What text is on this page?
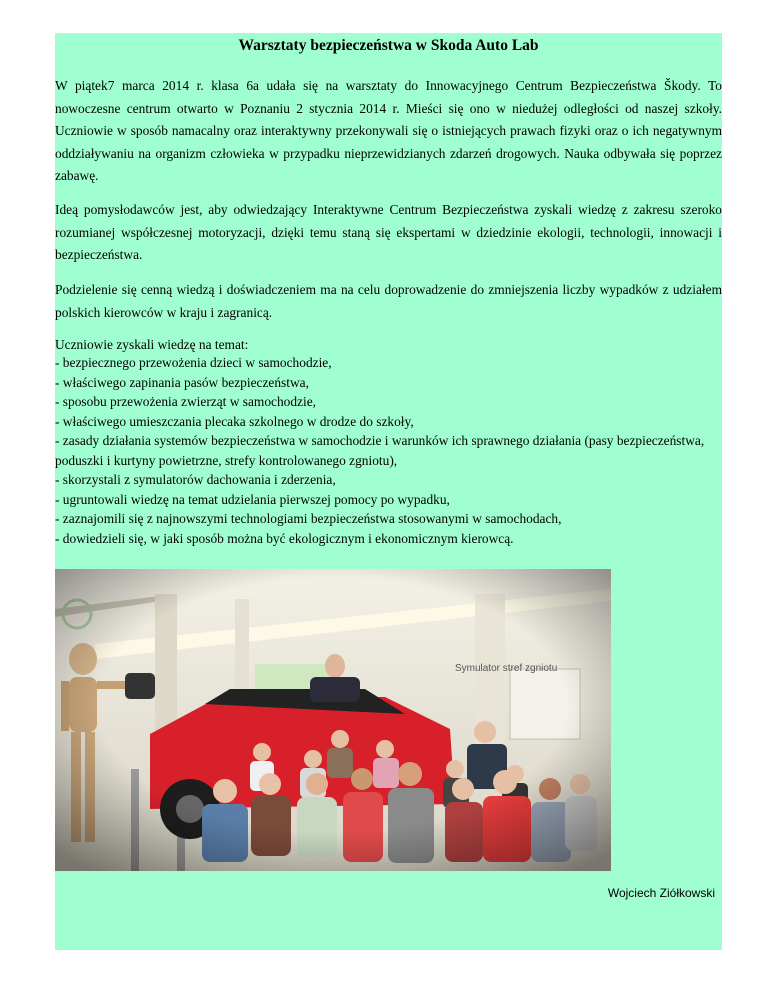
Warsztaty bezpieczeństwa w Skoda Auto Lab

W piątek7 marca 2014 r. klasa 6a udała się na warsztaty do Innowacyjnego Centrum Bezpieczeństwa Škody. To nowoczesne centrum otwarto w Poznaniu 2 stycznia 2014 r. Mieści się ono w niedużej odległości od naszej szkoły. Uczniowie w sposób namacalny oraz interaktywny przekonywali się o istniejących prawach fizyki oraz o ich negatywnym oddziaływaniu na organizm człowieka w przypadku nieprzewidzianych zdarzeń drogowych. Nauka odbywała się poprzez zabawę.

Ideą pomysłodawców jest, aby odwiedzający Interaktywne Centrum Bezpieczeństwa zyskali wiedzę z zakresu szeroko rozumianej współczesnej motoryzacji, dzięki temu staną się ekspertami w dziedzinie ekologii, technologii, innowacji i bezpieczeństwa.

Podzielenie się cenną wiedzą i doświadczeniem ma na celu doprowadzenie do zmniejszenia liczby wypadków z udziałem polskich kierowców w kraju i zagranicą.

Uczniowie zyskali wiedzę na temat:
- bezpiecznego przewożenia dzieci w samochodzie,
- właściwego zapinania pasów bezpieczeństwa,
- sposobu przewożenia zwierząt w samochodzie,
- właściwego umieszczania plecaka szkolnego w drodze do szkoły,
- zasady działania systemów bezpieczeństwa w samochodzie i warunków ich sprawnego działania (pasy bezpieczeństwa, poduszki i kurtyny powietrzne, strefy kontrolowanego zgniotu),
- skorzystali z symulatorów dachowania i zderzenia,
- ugruntowali wiedzę na temat udzielania pierwszej pomocy po wypadku,
- zaznajomili się z najnowszymi technologiami bezpieczeństwa stosowanymi w samochodach,
- dowiedzieli się, w jaki sposób można być ekologicznym i ekonomicznym kierowcą.
Wojciech Ziółkowski
